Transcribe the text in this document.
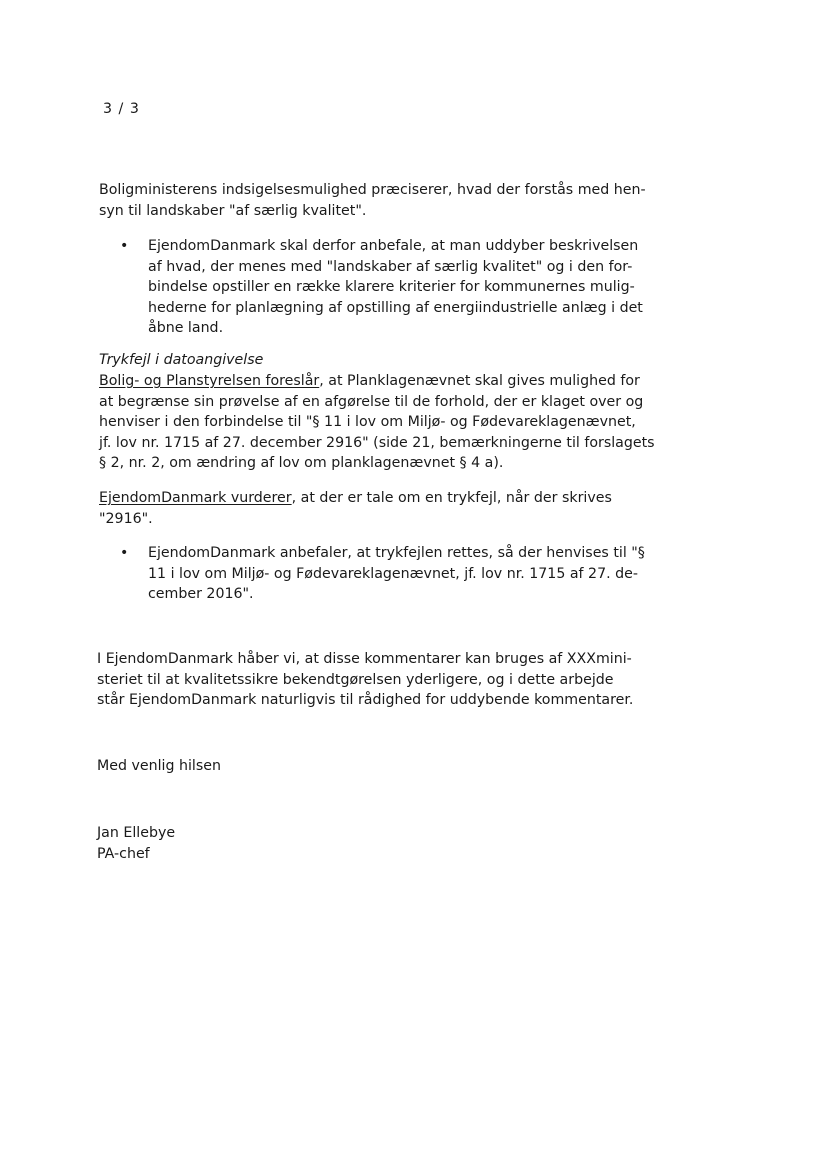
3 / 3
Boligministerens indsigelsesmulighed præciserer, hvad der forstås med hen-
syn til landskaber "af særlig kvalitet".
•	EjendomDanmark skal derfor anbefale, at man uddyber beskrivelsen
af hvad, der menes med "landskaber af særlig kvalitet" og i den for-
bindelse opstiller en række klarere kriterier for kommunernes mulig-
hederne for planlægning af opstilling af energiindustrielle anlæg i det
åbne land.
Trykfejl i datoangivelse
Bolig- og Planstyrelsen foreslår, at Planklagenævnet skal gives mulighed for
at begrænse sin prøvelse af en afgørelse til de forhold, der er klaget over og
henviser i den forbindelse til "§ 11 i lov om Miljø- og Fødevareklagenævnet,
jf. lov nr. 1715 af 27. december 2916" (side 21, bemærkningerne til forslagets
§ 2, nr. 2, om ændring af lov om planklagenævnet § 4 a).
EjendomDanmark vurderer, at der er tale om en trykfejl, når der skrives
"2916".
•	EjendomDanmark anbefaler, at trykfejlen rettes, så der henvises til "§
11 i lov om Miljø- og Fødevareklagenævnet, jf. lov nr. 1715 af 27. de-
cember 2016".
I EjendomDanmark håber vi, at disse kommentarer kan bruges af XXXmini-
steriet til at kvalitetssikre bekendtgørelsen yderligere, og i dette arbejde
står EjendomDanmark naturligvis til rådighed for uddybende kommentarer.
Med venlig hilsen
Jan Ellebye
PA-chef
